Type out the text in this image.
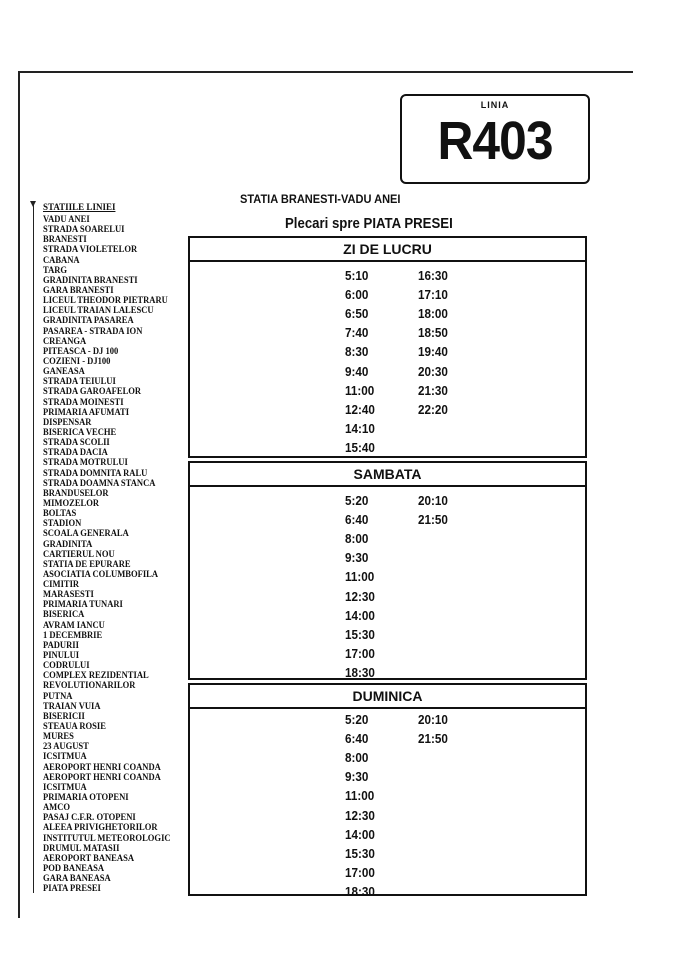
LINIA
R403
STATIA BRANESTI-VADU ANEI
Plecari spre PIATA PRESEI
STATIILE LINIEI
VADU ANEI
STRADA SOARELUI
BRANESTI
STRADA VIOLETELOR
CABANA
TARG
GRADINITA BRANESTI
GARA BRANESTI
LICEUL THEODOR PIETRARU
LICEUL TRAIAN LALESCU
GRADINITA PASAREA
PASAREA - STRADA ION
CREANGA
PITEASCA - DJ 100
COZIENI - DJ100
GANEASA
STRADA TEIULUI
STRADA GAROAFELOR
STRADA MOINESTI
PRIMARIA AFUMATI
DISPENSAR
BISERICA VECHE
STRADA SCOLII
STRADA DACIA
STRADA MOTRULUI
STRADA DOMNITA RALU
STRADA DOAMNA STANCA
BRANDUSELOR
MIMOZELOR
BOLTAS
STADION
SCOALA GENERALA
GRADINITA
CARTIERUL NOU
STATIA DE EPURARE
ASOCIATIA COLUMBOFILA
CIMITIR
MARASESTI
PRIMARIA TUNARI
BISERICA
AVRAM IANCU
1 DECEMBRIE
PADURII
PINULUI
CODRULUI
COMPLEX REZIDENTIAL
REVOLUTIONARILOR
PUTNA
TRAIAN VUIA
BISERICII
STEAUA ROSIE
MURES
23 AUGUST
ICSITMUA
AEROPORT HENRI COANDA
AEROPORT HENRI COANDA
ICSITMUA
PRIMARIA OTOPENI
AMCO
PASAJ C.F.R. OTOPENI
ALEEA PRIVIGHETORILOR
INSTITUTUL METEOROLOGIC
DRUMUL MATASII
AEROPORT BANEASA
POD BANEASA
GARA BANEASA
PIATA PRESEI
ZI DE LUCRU
5:10
6:00
6:50
7:40
8:30
9:40
11:00
12:40
14:10
15:40
16:30
17:10
18:00
18:50
19:40
20:30
21:30
22:20
SAMBATA
5:20
6:40
8:00
9:30
11:00
12:30
14:00
15:30
17:00
18:30
20:10
21:50
DUMINICA
5:20
6:40
8:00
9:30
11:00
12:30
14:00
15:30
17:00
18:30
20:10
21:50
